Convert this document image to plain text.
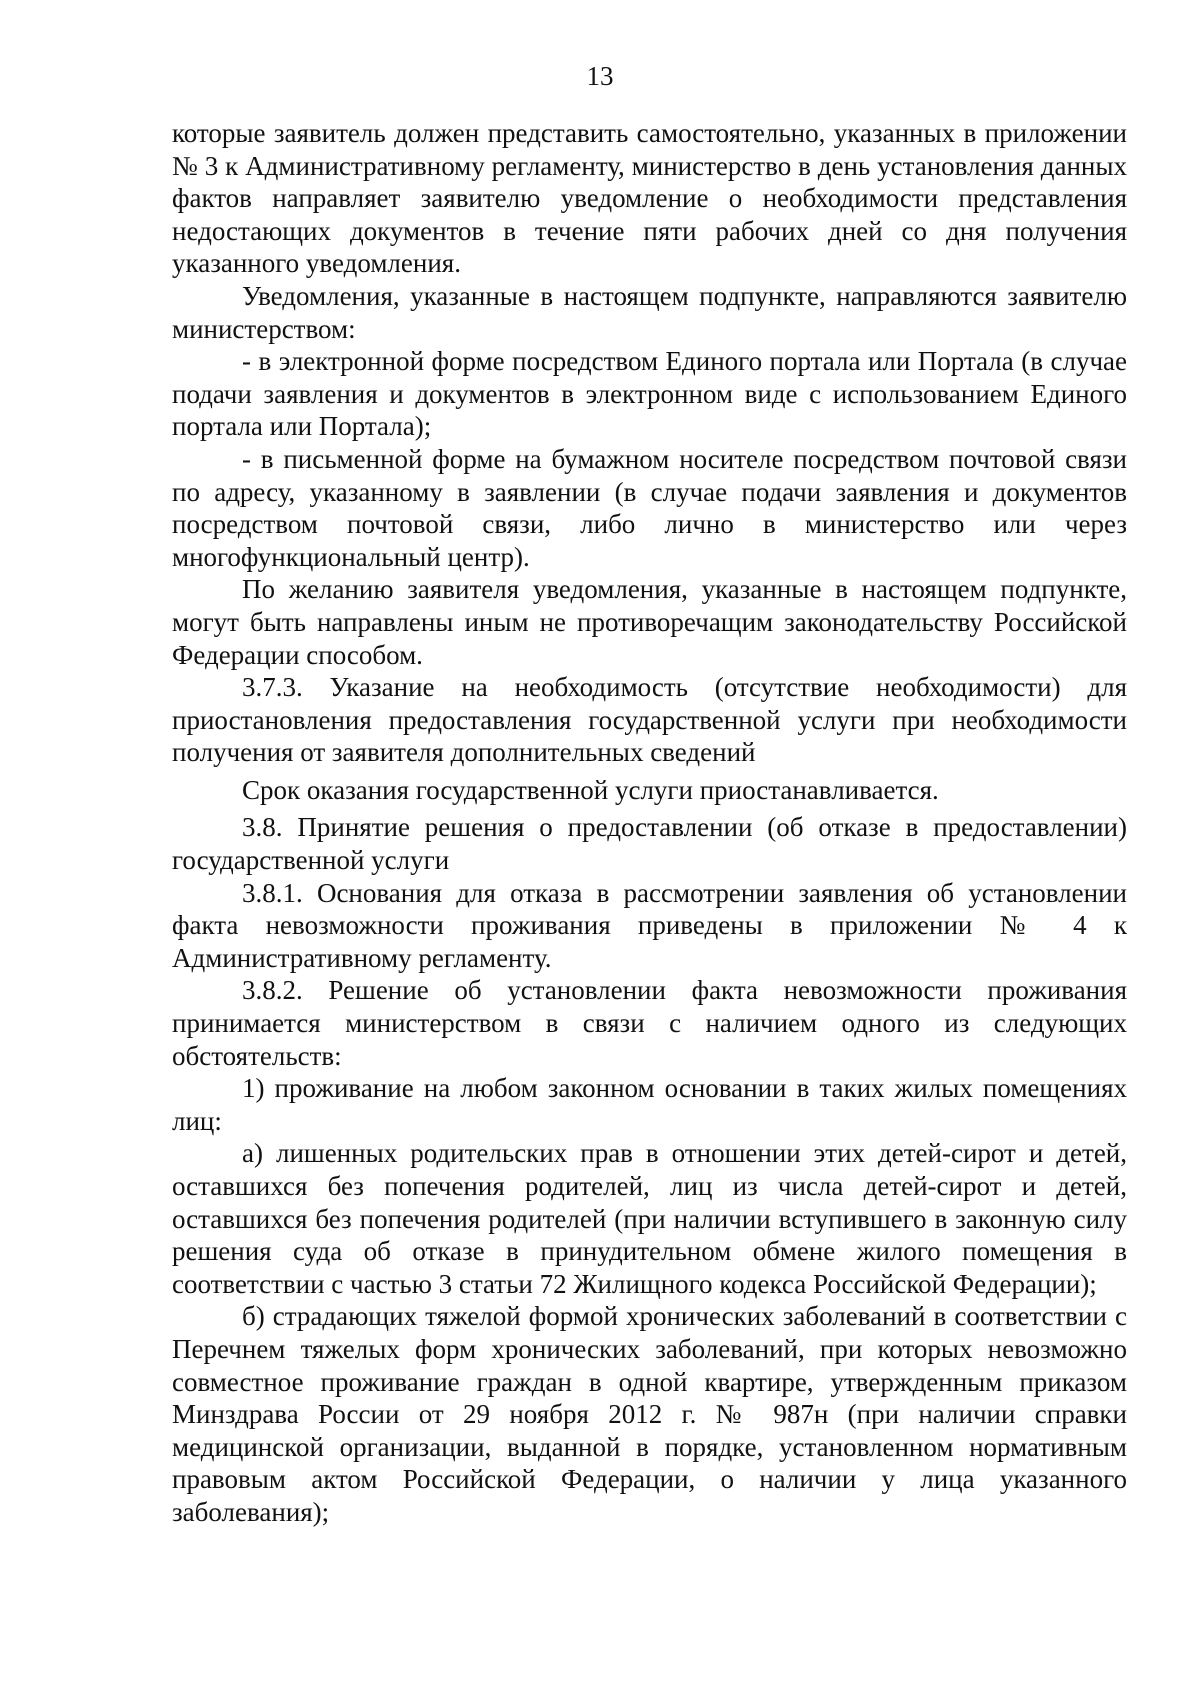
13

которые заявитель должен представить самостоятельно, указанных в приложении № 3 к Административному регламенту, министерство в день установления данных фактов направляет заявителю уведомление о необходимости представления недостающих документов в течение пяти рабочих дней со дня получения указанного уведомления.

Уведомления, указанные в настоящем подпункте, направляются заявителю министерством:

- в электронной форме посредством Единого портала или Портала (в случае подачи заявления и документов в электронном виде с использованием Единого портала или Портала);

- в письменной форме на бумажном носителе посредством почтовой связи по адресу, указанному в заявлении (в случае подачи заявления и документов посредством почтовой связи, либо лично в министерство или через многофункциональный центр).

По желанию заявителя уведомления, указанные в настоящем подпункте, могут быть направлены иным не противоречащим законодательству Российской Федерации способом.

3.7.3. Указание на необходимость (отсутствие необходимости) для приостановления предоставления государственной услуги при необходимости получения от заявителя дополнительных сведений

Срок оказания государственной услуги приостанавливается.

3.8. Принятие решения о предоставлении (об отказе в предоставлении) государственной услуги

3.8.1. Основания для отказа в рассмотрении заявления об установлении факта невозможности проживания приведены в приложении № 4 к Административному регламенту.

3.8.2. Решение об установлении факта невозможности проживания принимается министерством в связи с наличием одного из следующих обстоятельств:

1) проживание на любом законном основании в таких жилых помещениях лиц:

а) лишенных родительских прав в отношении этих детей-сирот и детей, оставшихся без попечения родителей, лиц из числа детей-сирот и детей, оставшихся без попечения родителей (при наличии вступившего в законную силу решения суда об отказе в принудительном обмене жилого помещения в соответствии с частью 3 статьи 72 Жилищного кодекса Российской Федерации);

б) страдающих тяжелой формой хронических заболеваний в соответствии с Перечнем тяжелых форм хронических заболеваний, при которых невозможно совместное проживание граждан в одной квартире, утвержденным приказом Минздрава России от 29 ноября 2012 г. № 987н (при наличии справки медицинской организации, выданной в порядке, установленном нормативным правовым актом Российской Федерации, о наличии у лица указанного заболевания);
